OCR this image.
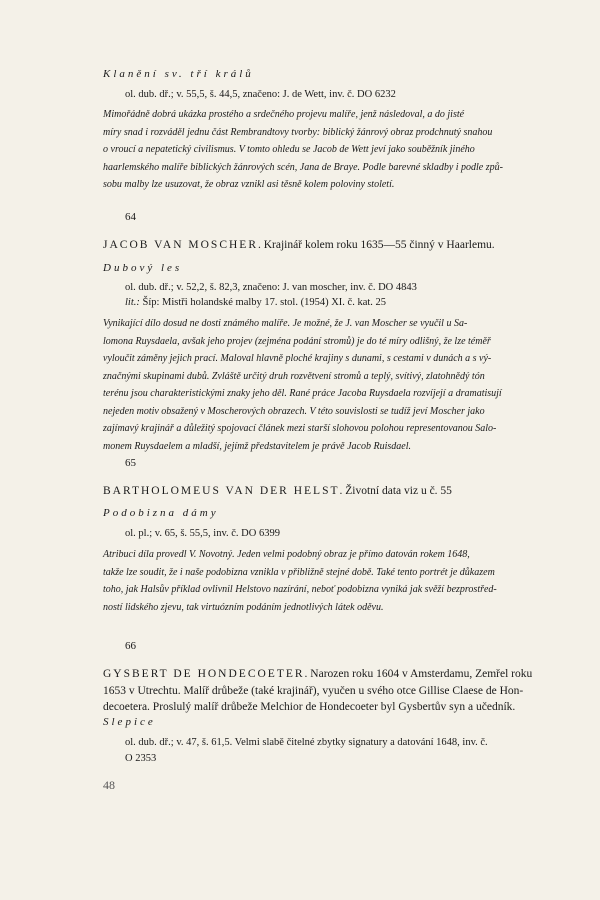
Klanění sv. tří králů
ol. dub. dř.; v. 55,5, š. 44,5, značeno: J. de Wett, inv. č. DO 6232
Mimořádně dobrá ukázka prostého a srdečného projevu malíře, jenž následoval, a do jisté
míry snad i rozváděl jednu část Rembrandtovy tvorby: biblický žánrový obraz prodchnutý snahou
o vroucí a nepatetický civilismus. V tomto ohledu se Jacob de Wett jeví jako souběžník jiného
haarlemského malíře biblických žánrových scén, Jana de Braye. Podle barevné skladby i podle způ-
sobu malby lze usuzovat, že obraz vznikl asi těsně kolem poloviny století.
64
JACOB VAN MOSCHER. Krajinář kolem roku 1635—55 činný v Haarlemu.
Dubový les
ol. dub. dř.; v. 52,2, š. 82,3, značeno: J. van moscher, inv. č. DO 4843
lit.: Šíp: Mistři holandské malby 17. stol. (1954) XI. č. kat. 25
Vynikající dílo dosud ne dosti známého malíře. Je možné, že J. van Moscher se vyučil u Sa-
lomona Ruysdaela, avšak jeho projev (zejména podání stromů) je do té míry odlišný, že lze téměř
vyloučit záměny jejich prací. Maloval hlavně ploché krajiny s dunami, s cestami v dunách a s vý-
značnými skupinami dubů. Zvláště určitý druh rozvětvení stromů a teplý, svítivý, zlatohnědý tón
terénu jsou charakteristickými znaky jeho děl. Rané práce Jacoba Ruysdaela rozvíjejí a dramatisují
nejeden motiv obsažený v Moscherových obrazech. V této souvislosti se tudíž jeví Moscher jako
zajímavý krajinář a důležitý spojovací článek mezi starší slohovou polohou representovanou Salo-
monem Ruysdaelem a mladší, jejímž představitelem je právě Jacob Ruisdael.
65
BARTHOLOMEUS VAN DER HELST. Životní data viz u č. 55
Podobizna dámy
ol. pl.; v. 65, š. 55,5, inv. č. DO 6399
Atribuci díla provedl V. Novotný. Jeden velmi podobný obraz je přímo datován rokem 1648,
takže lze soudit, že i naše podobizna vznikla v přibližně stejné době. Také tento portrét je důkazem
toho, jak Halsův příklad ovlivnil Helstovo nazírání, neboť podobizna vyniká jak svěží bezprostřed-
ností lidského zjevu, tak virtuózním podáním jednotlivých látek oděvu.
66
GYSBERT DE HONDECOETER. Narozen roku 1604 v Amsterdamu, Zemřel roku
1653 v Utrechtu. Malíř drůbeže (také krajinář), vyučen u svého otce Gillise Claese de Hon-
decoetera. Proslulý malíř drůbeže Melchior de Hondecoeter byl Gysbertův syn a učedník.
Slepice
ol. dub. dř.; v. 47, š. 61,5. Velmi slabě čitelné zbytky signatury a datování 1648, inv. č.
O 2353
48
